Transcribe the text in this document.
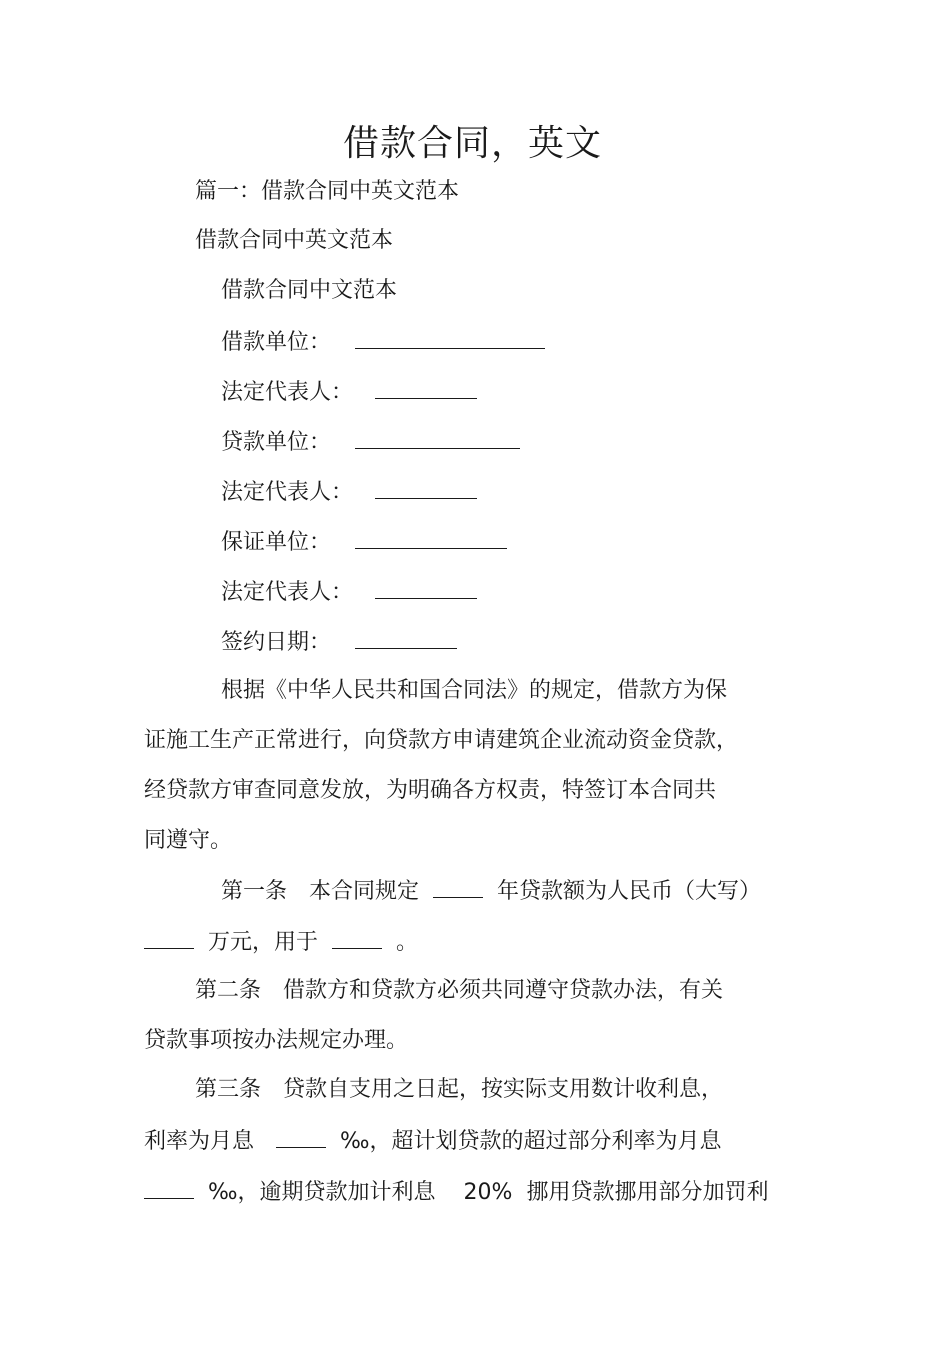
借款合同，英文
篇一：借款合同中英文范本
借款合同中英文范本
借款合同中文范本
借款单位：
法定代表人：
贷款单位：
法定代表人：
保证单位：
法定代表人：
签约日期：
根据《中华人民共和国合同法》的规定，借款方为保
证施工生产正常进行，向贷款方申请建筑企业流动资金贷款，
经贷款方审查同意发放，为明确各方权责，特签订本合同共
同遵守。
第一条 本合同规定	年贷款额为人民币（大写）
万元，用于	。
第二条 借款方和贷款方必须共同遵守贷款办法，有关
贷款事项按办法规定办理。
第三条 贷款自支用之日起，按实际支用数计收利息，
利率为月息	‰，超计划贷款的超过部分利率为月息
‰，逾期贷款加计利息 20% 挪用贷款挪用部分加罚利
